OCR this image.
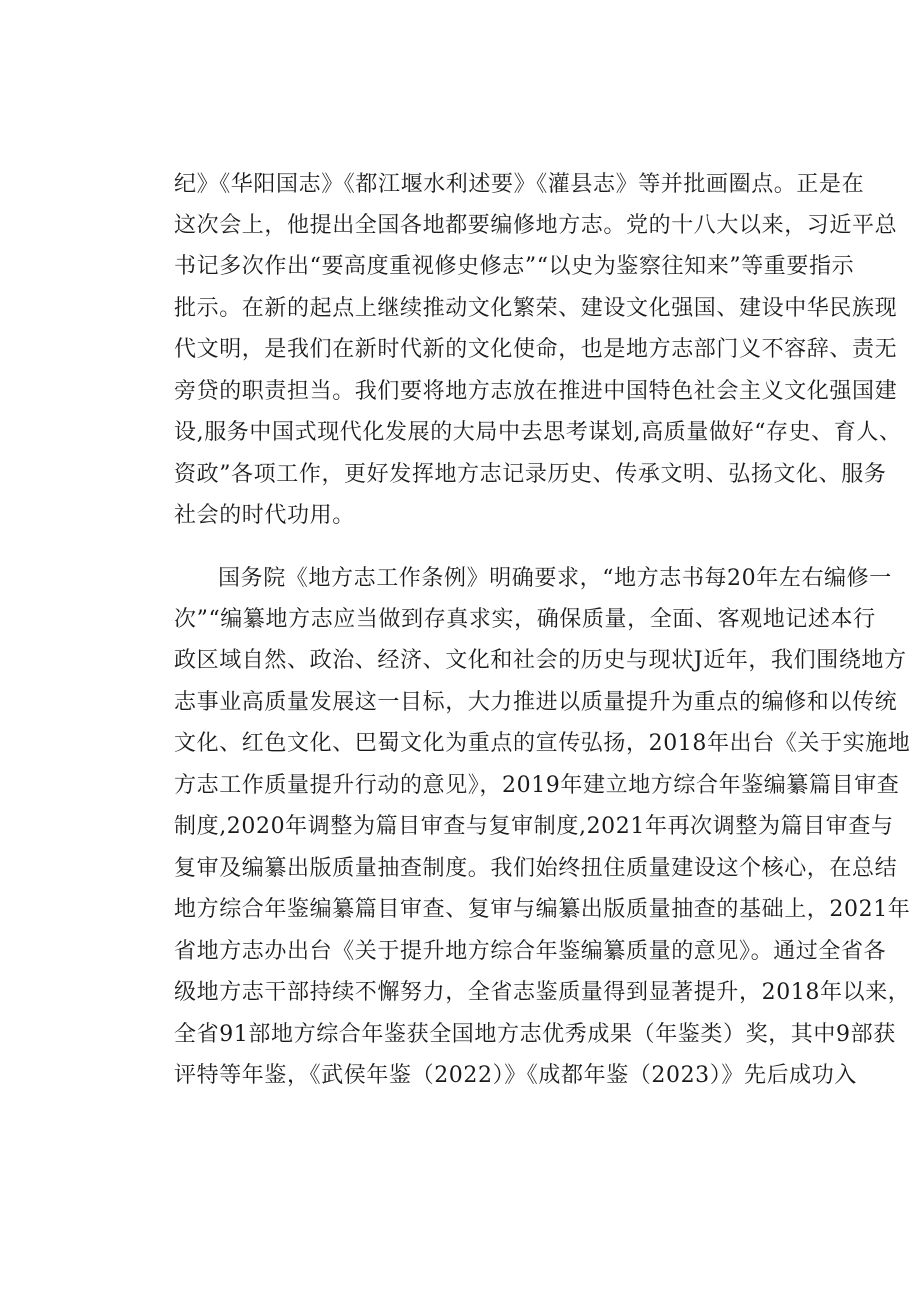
纪》《华阳国志》《都江堰水利述要》《灌县志》等并批画圈点。正是在
这次会上，他提出全国各地都要编修地方志。党的十八大以来，习近平总
书记多次作出“要高度重视修史修志”“以史为鉴察往知来”等重要指示
批示。在新的起点上继续推动文化繁荣、建设文化强国、建设中华民族现
代文明，是我们在新时代新的文化使命，也是地方志部门义不容辞、责无
旁贷的职责担当。我们要将地方志放在推进中国特色社会主义文化强国建
设,服务中国式现代化发展的大局中去思考谋划,高质量做好“存史、育人、
资政”各项工作，更好发挥地方志记录历史、传承文明、弘扬文化、服务
社会的时代功用。
国务院《地方志工作条例》明确要求，“地方志书每20年左右编修一
次”“编纂地方志应当做到存真求实，确保质量，全面、客观地记述本行
政区域自然、政治、经济、文化和社会的历史与现状J近年，我们围绕地方
志事业高质量发展这一目标，大力推进以质量提升为重点的编修和以传统
文化、红色文化、巴蜀文化为重点的宣传弘扬，2018年出台《关于实施地
方志工作质量提升行动的意见》，2019年建立地方综合年鉴编纂篇目审查
制度,2020年调整为篇目审查与复审制度,2021年再次调整为篇目审查与
复审及编纂出版质量抽查制度。我们始终扭住质量建设这个核心，在总结
地方综合年鉴编纂篇目审查、复审与编纂出版质量抽查的基础上，2021年
省地方志办出台《关于提升地方综合年鉴编纂质量的意见》。通过全省各
级地方志干部持续不懈努力，全省志鉴质量得到显著提升，2018年以来，
全省91部地方综合年鉴获全国地方志优秀成果（年鉴类）奖，其中9部获
评特等年鉴，《武侯年鉴（2022）》《成都年鉴（2023）》先后成功入
